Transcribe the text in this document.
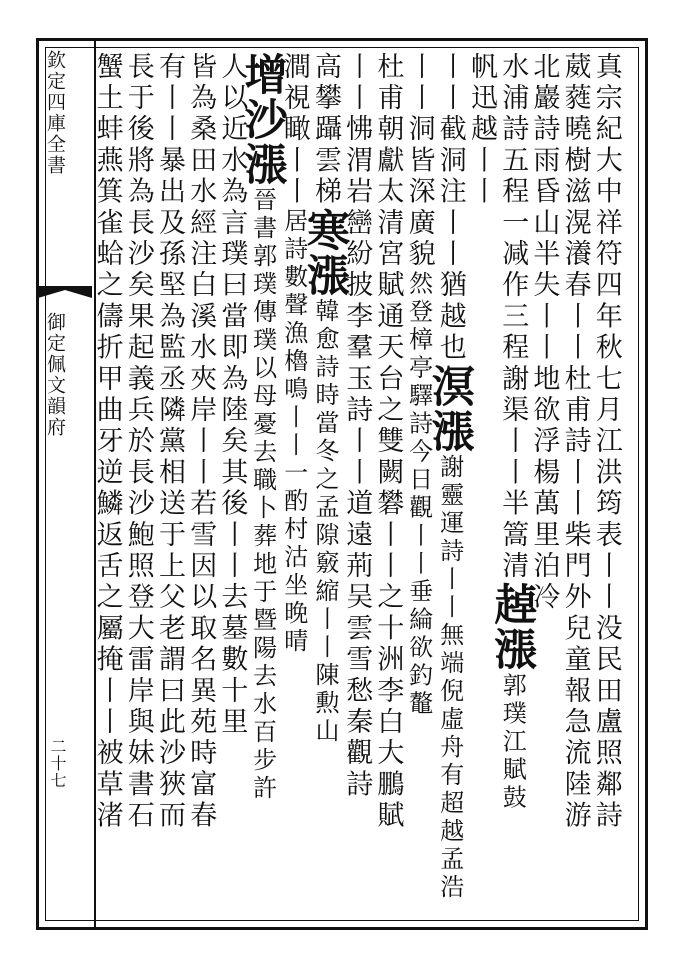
欽定四庫全書
御定佩文韻府
二十七	真宗紀大中祥符四年秋七月江洪筠表丨丨没民田盧照鄰詩
葳蕤曉樹滋滉瀁春丨丨杜甫詩丨丨柴門外兒童報急流陸游
北巖詩雨昏山半失丨丨地欲浮楊萬里泊冷
水浦詩五程一减作三程謝渠丨丨半篙清趠漲郭璞江賦鼓
帆迅越丨丨
丨丨截洞注丨丨猶越也溟漲謝靈運詩丨丨無端倪虛舟有超越孟浩
丨丨洞皆深廣貌然登樟亭驛詩今日觀丨丨垂綸欲釣鼇
杜甫朝獻太清宮賦通天台之雙闕礬丨丨之十洲李白大鵬賦
丨丨怫渭岩巒紛披李羣玉詩丨丨道遠荊吴雲雪愁秦觀詩
高攀躡雲梯寒漲韓愈詩時當冬之孟隙竅縮丨丨陳勲山
澗視瞰丨丨居詩數聲漁櫓鳴丨丨一酌村沽坐晚晴
增沙漲晉書郭璞傳璞以母憂去職卜葬地于暨陽去水百步許
人以近水為言璞曰當即為陸矣其後丨丨去墓數十里
皆為桑田水經注白溪水夾岸丨丨若雪因以取名異苑時富春
有丨丨暴出及孫堅為監丞隣黨相送于上父老謂曰此沙狹而
長于後將為長沙矣果起義兵於長沙鮑照登大雷岸與妹書石
蟹土蚌燕箕雀蛤之儔折甲曲牙逆鱗返舌之屬掩丨丨被草渚
